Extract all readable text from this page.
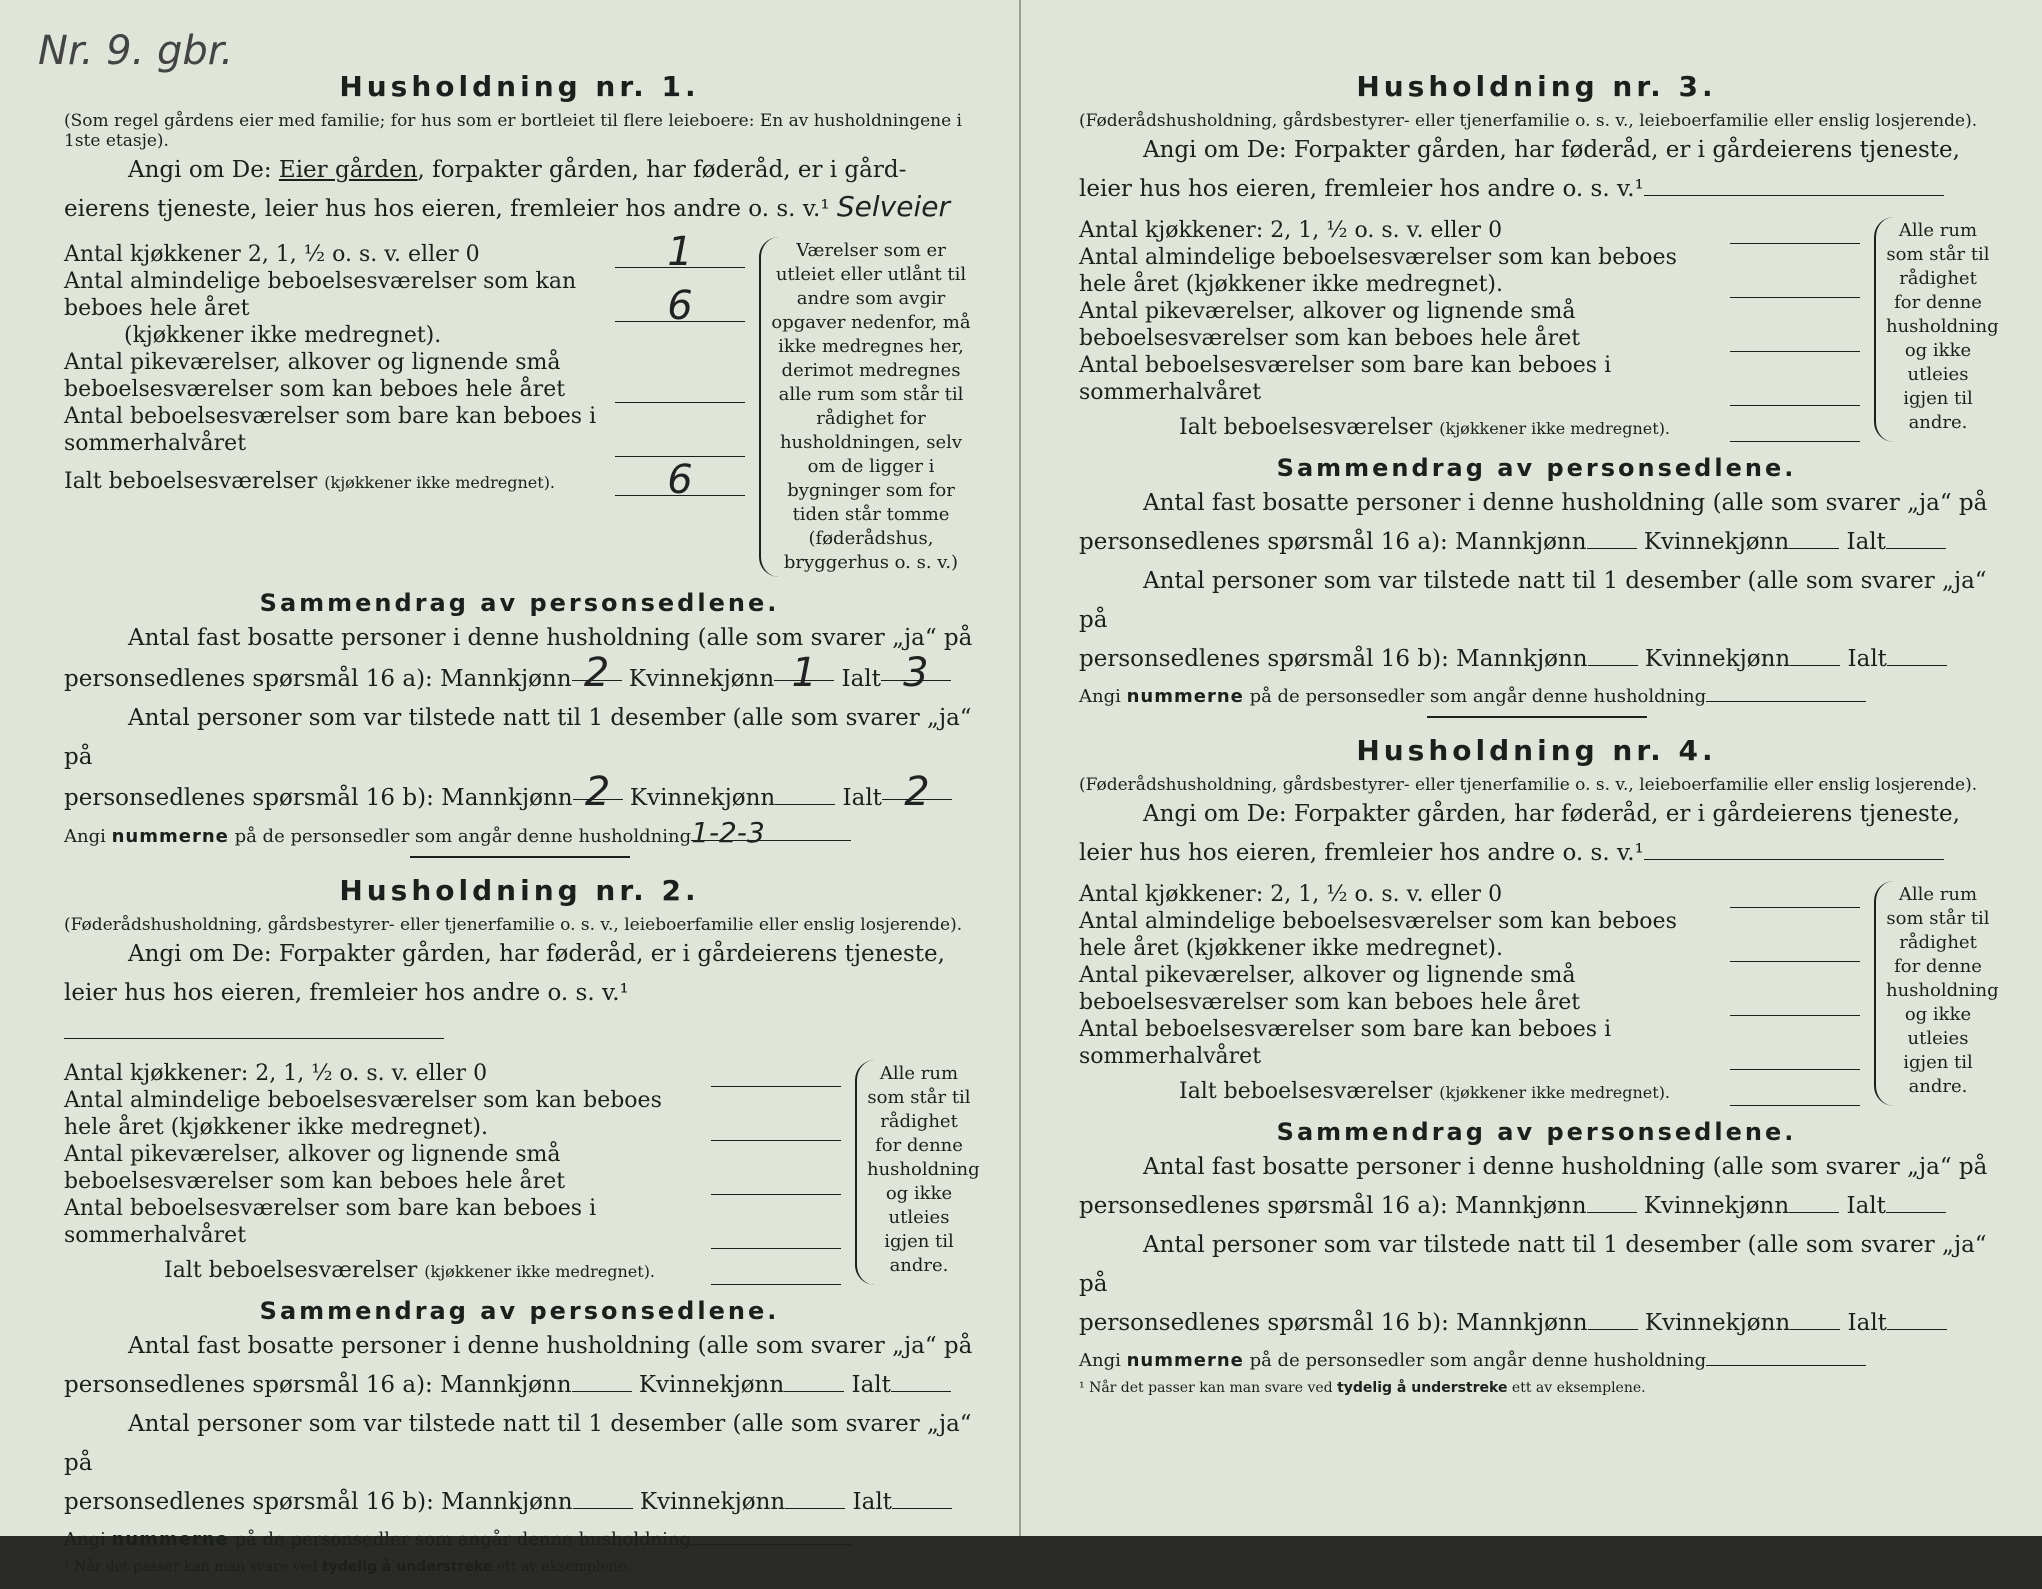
Nr. 9. gbr.
Husholdning nr. 1.

(Som regel gårdens eier med familie; for hus som er bortleiet til flere leieboere: En av husholdningene i 1ste etasje).

Angi om De: Eier gården, forpakter gården, har føderåd, er i gård-

eierens tjeneste, leier hus hos eieren, fremleier hos andre o. s. v.¹ Selveier

Antal kjøkkener 2, 1, ½ o. s. v. eller 0	1
Antal almindelige beboelsesværelser som kan beboes hele året	6
(kjøkkener ikke medregnet).
Antal pikeværelser, alkover og lignende små beboelsesværelser som kan beboes hele året
Antal beboelsesværelser som bare kan beboes i sommerhalvåret
Ialt beboelsesværelser (kjøkkener ikke medregnet).	6
Værelser som er utleiet eller utlånt til andre som avgir opgaver nedenfor, må ikke medregnes her, derimot medregnes alle rum som står til rådighet for husholdningen, selv om de ligger i bygninger som for tiden står tomme (føderådshus, bryggerhus o. s. v.)
Sammendrag av personsedlene.

Antal fast bosatte personer i denne husholdning (alle som svarer „ja“ på

personsedlenes spørsmål 16 a): Mannkjønn 2 Kvinnekjønn 1 Ialt 3

Antal personer som var tilstede natt til 1 desember (alle som svarer „ja“ på

personsedlenes spørsmål 16 b): Mannkjønn 2 Kvinnekjønn	Ialt 2

Angi nummerne på de personsedler som angår denne husholdning1-2-3

Husholdning nr. 2.

(Føderådshusholdning, gårdsbestyrer- eller tjenerfamilie o. s. v., leieboerfamilie eller enslig losjerende).

Angi om De: Forpakter gården, har føderåd, er i gårdeierens tjeneste,

leier hus hos eieren, fremleier hos andre o. s. v.¹

Antal kjøkkener: 2, 1, ½ o. s. v. eller 0
Antal almindelige beboelsesværelser som kan beboes hele året (kjøkkener ikke medregnet).
Antal pikeværelser, alkover og lignende små beboelsesværelser som kan beboes hele året
Antal beboelsesværelser som bare kan beboes i sommerhalvåret
Ialt beboelsesværelser (kjøkkener ikke medregnet).
Alle rum som står til rådighet for denne husholdning og ikke utleies igjen til andre.
Sammendrag av personsedlene.

Antal fast bosatte personer i denne husholdning (alle som svarer „ja“ på

personsedlenes spørsmål 16 a): Mannkjønn	Kvinnekjønn	Ialt

Antal personer som var tilstede natt til 1 desember (alle som svarer „ja“ på

personsedlenes spørsmål 16 b): Mannkjønn	Kvinnekjønn	Ialt

Angi nummerne på de personsedler som angår denne husholdning

¹ Når det passer kan man svare ved tydelig å understreke ett av eksemplene.

Husholdning nr. 3.

(Føderådshusholdning, gårdsbestyrer- eller tjenerfamilie o. s. v., leieboerfamilie eller enslig losjerende).

Angi om De: Forpakter gården, har føderåd, er i gårdeierens tjeneste,

leier hus hos eieren, fremleier hos andre o. s. v.¹

Antal kjøkkener: 2, 1, ½ o. s. v. eller 0
Antal almindelige beboelsesværelser som kan beboes hele året (kjøkkener ikke medregnet).
Antal pikeværelser, alkover og lignende små beboelsesværelser som kan beboes hele året
Antal beboelsesværelser som bare kan beboes i sommerhalvåret
Ialt beboelsesværelser (kjøkkener ikke medregnet).
Alle rum som står til rådighet for denne husholdning og ikke utleies igjen til andre.
Sammendrag av personsedlene.

Antal fast bosatte personer i denne husholdning (alle som svarer „ja“ på

personsedlenes spørsmål 16 a): Mannkjønn Kvinnekjønn Ialt

Antal personer som var tilstede natt til 1 desember (alle som svarer „ja“ på

personsedlenes spørsmål 16 b): Mannkjønn Kvinnekjønn Ialt

Angi nummerne på de personsedler som angår denne husholdning

Husholdning nr. 4.

(Føderådshusholdning, gårdsbestyrer- eller tjenerfamilie o. s. v., leieboerfamilie eller enslig losjerende).

Angi om De: Forpakter gården, har føderåd, er i gårdeierens tjeneste,

leier hus hos eieren, fremleier hos andre o. s. v.¹

Antal kjøkkener: 2, 1, ½ o. s. v. eller 0
Antal almindelige beboelsesværelser som kan beboes hele året (kjøkkener ikke medregnet).
Antal pikeværelser, alkover og lignende små beboelsesværelser som kan beboes hele året
Antal beboelsesværelser som bare kan beboes i sommerhalvåret
Ialt beboelsesværelser (kjøkkener ikke medregnet).
Alle rum som står til rådighet for denne husholdning og ikke utleies igjen til andre.
Sammendrag av personsedlene.

Antal fast bosatte personer i denne husholdning (alle som svarer „ja“ på

personsedlenes spørsmål 16 a): Mannkjønn Kvinnekjønn Ialt

Antal personer som var tilstede natt til 1 desember (alle som svarer „ja“ på

personsedlenes spørsmål 16 b): Mannkjønn Kvinnekjønn Ialt

Angi nummerne på de personsedler som angår denne husholdning

¹ Når det passer kan man svare ved tydelig å understreke ett av eksemplene.
